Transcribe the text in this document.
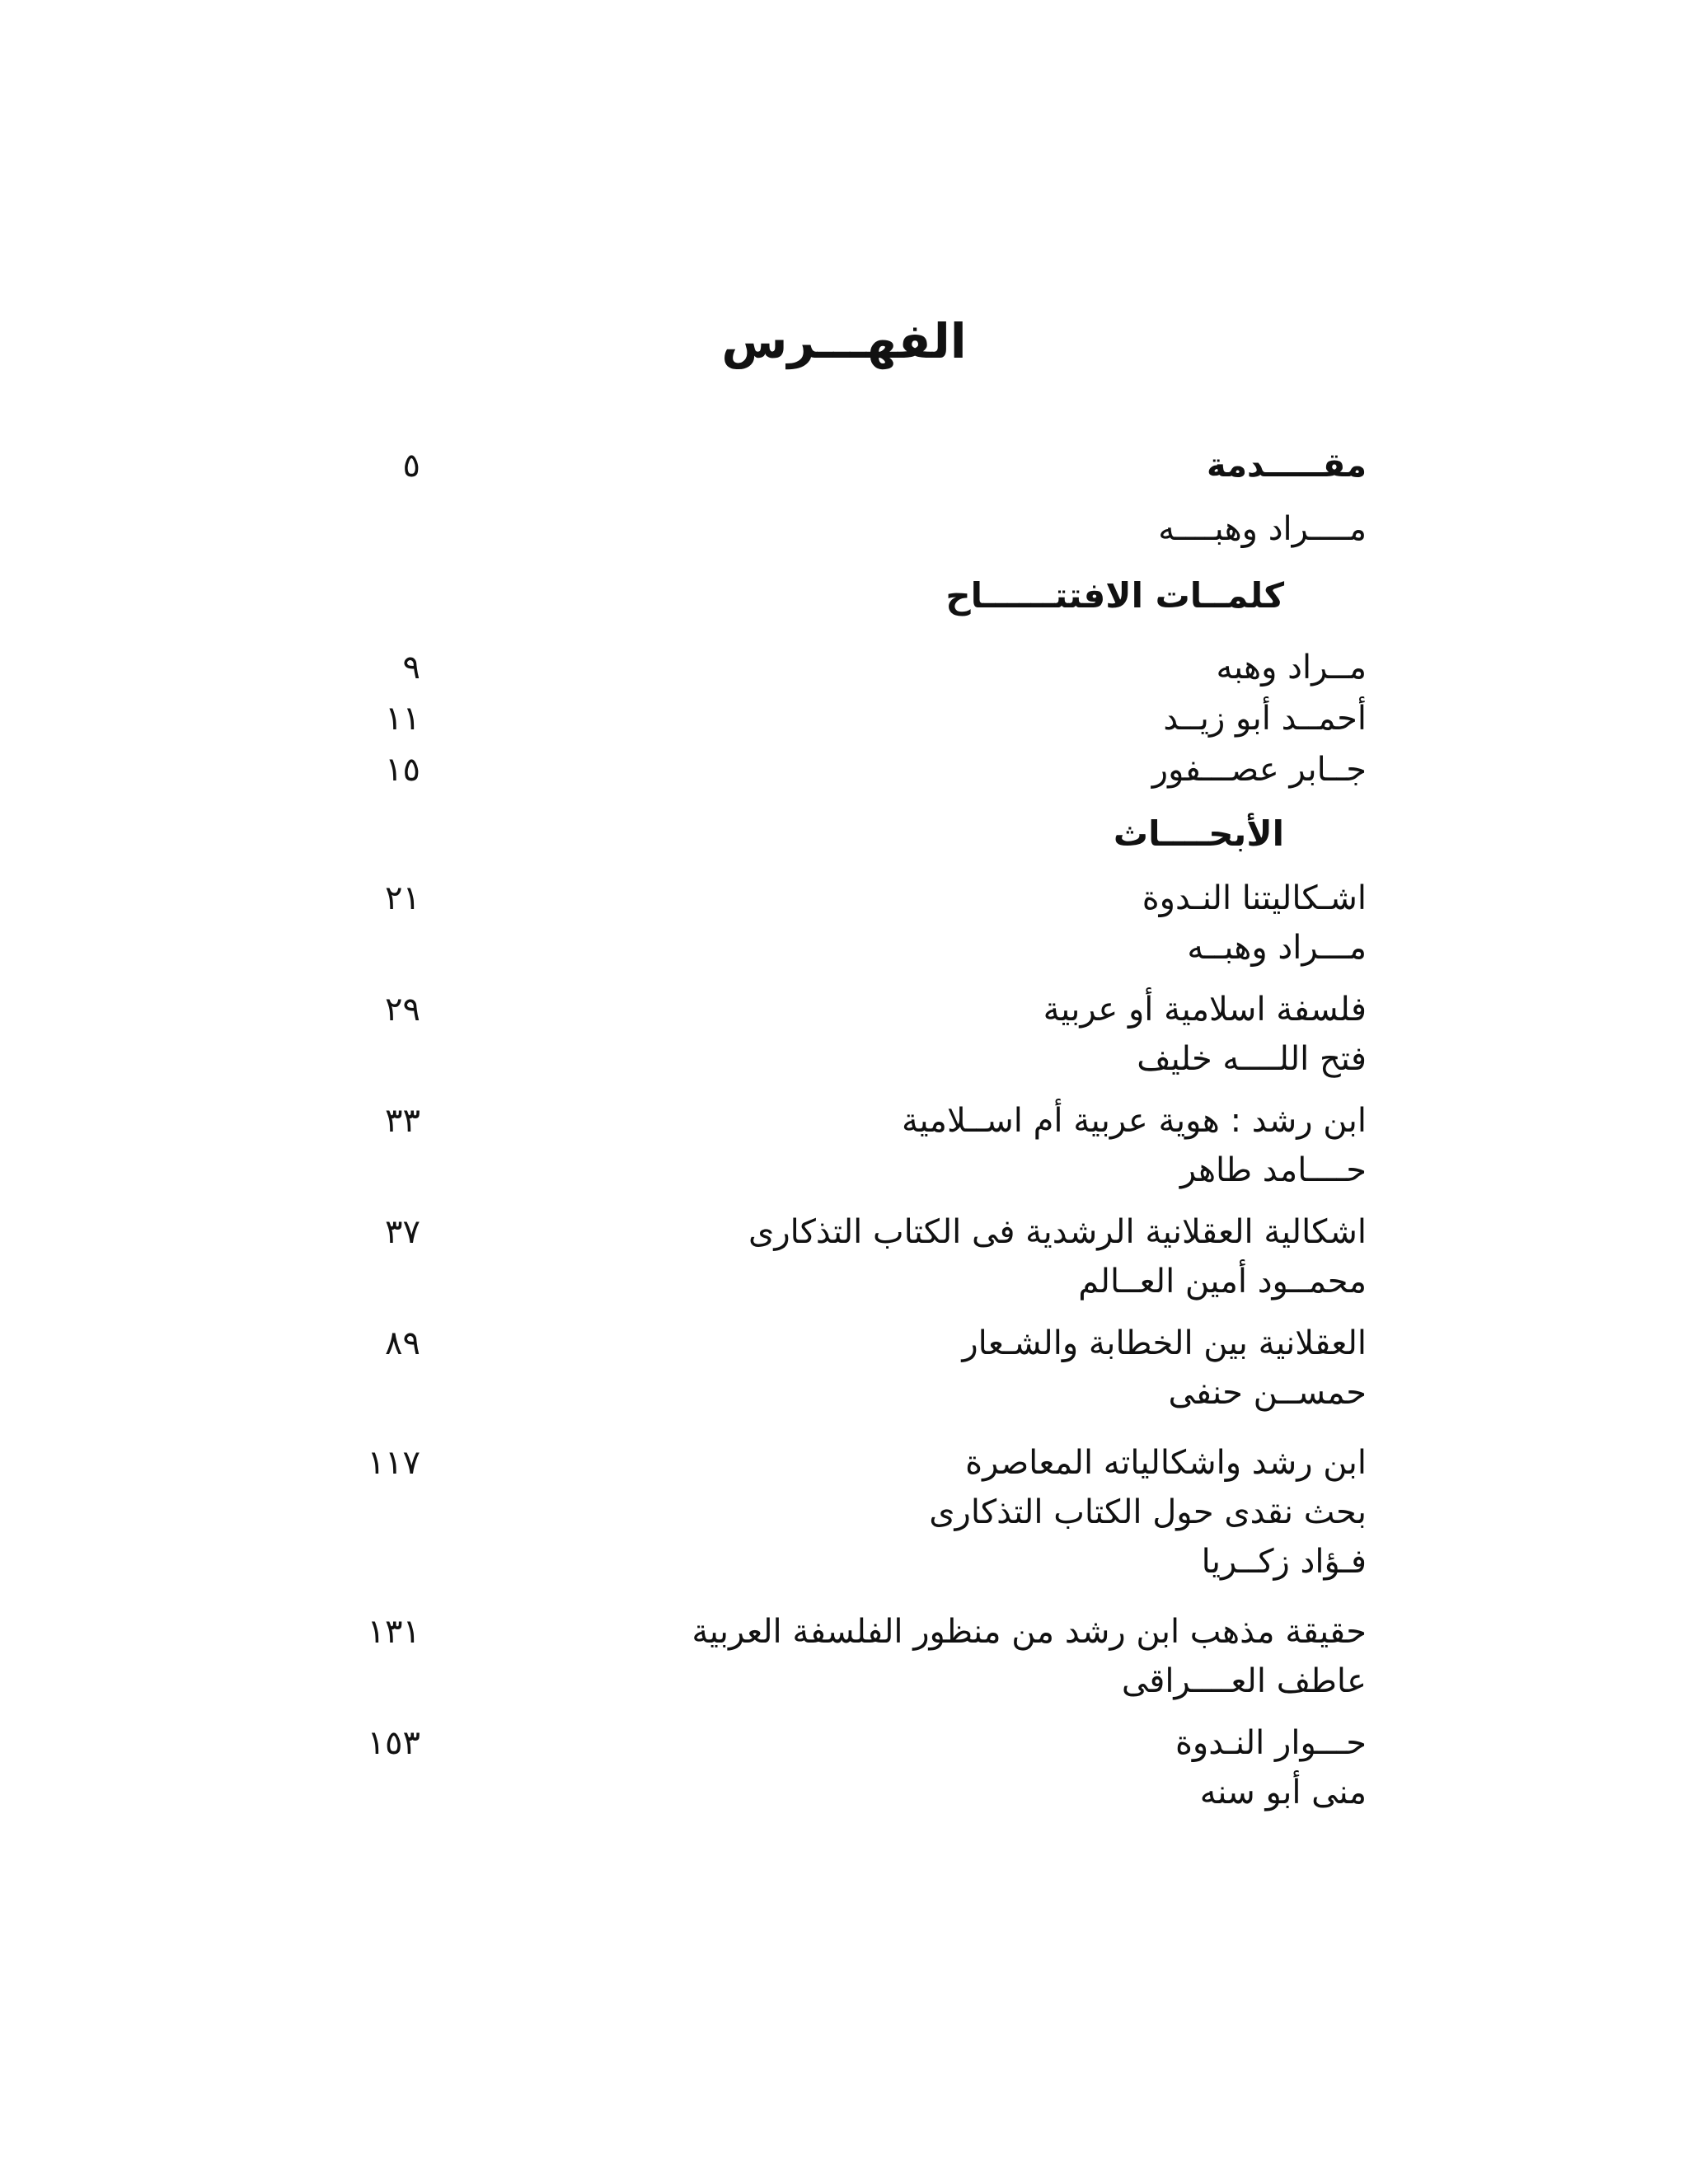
الفهـــرس
مقـــــدمة
٥
مــــراد وهبــــه
كلمــات الافتتــــــاح
مــراد وهبه
٩
أحمــد أبو زيــد
١١
جــابر عصـــفور
١٥
الأبحــــاث
اشـكاليتنا النـدوة
مـــراد وهبــه
٢١
فلسفة اسلامية أو عربية
فتح اللــــه خليف
٢٩
ابن رشد : هوية عربية أم اســلامية
حــــامد طاهر
٣٣
اشكالية العقلانية الرشدية فى الكتاب التذكارى
محمــود أمين العــالم
٣٧
العقلانية بين الخطابة والشـعار
حمســن حنفى
٨٩
ابن رشد واشكالياته المعاصرة
بحث نقدى حول الكتاب التذكارى
فـؤاد زكــريا
١١٧
حقيقة مذهب ابن رشد من منظور الفلسفة العربية
عاطف العــــراقى
١٣١
حـــوار النـدوة
منى أبو سنه
١٥٣
